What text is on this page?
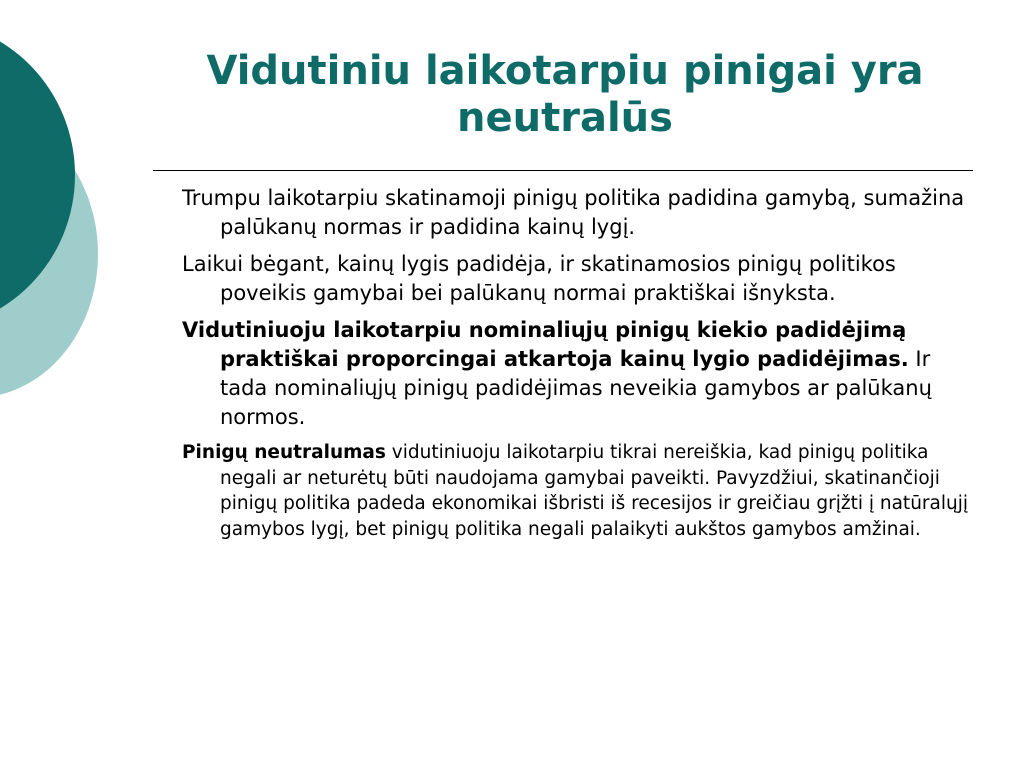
Vidutiniu laikotarpiu pinigai yra neutralūs

Trumpu laikotarpiu skatinamoji pinigų politika padidina gamybą, sumažina palūkanų normas ir padidina kainų lygį.

Laikui bėgant, kainų lygis padidėja, ir skatinamosios pinigų politikos poveikis gamybai bei palūkanų normai praktiškai išnyksta.

Vidutiniuoju laikotarpiu nominaliųjų pinigų kiekio padidėjimą praktiškai proporcingai atkartoja kainų lygio padidėjimas. Ir tada nominaliųjų pinigų padidėjimas neveikia gamybos ar palūkanų normos.

Pinigų neutralumas vidutiniuoju laikotarpiu tikrai nereiškia, kad pinigų politika negali ar neturėtų būti naudojama gamybai paveikti. Pavyzdžiui, skatinančioji pinigų politika padeda ekonomikai išbristi iš recesijos ir greičiau grįžti į natūralųjį gamybos lygį, bet pinigų politika negali palaikyti aukštos gamybos amžinai.
